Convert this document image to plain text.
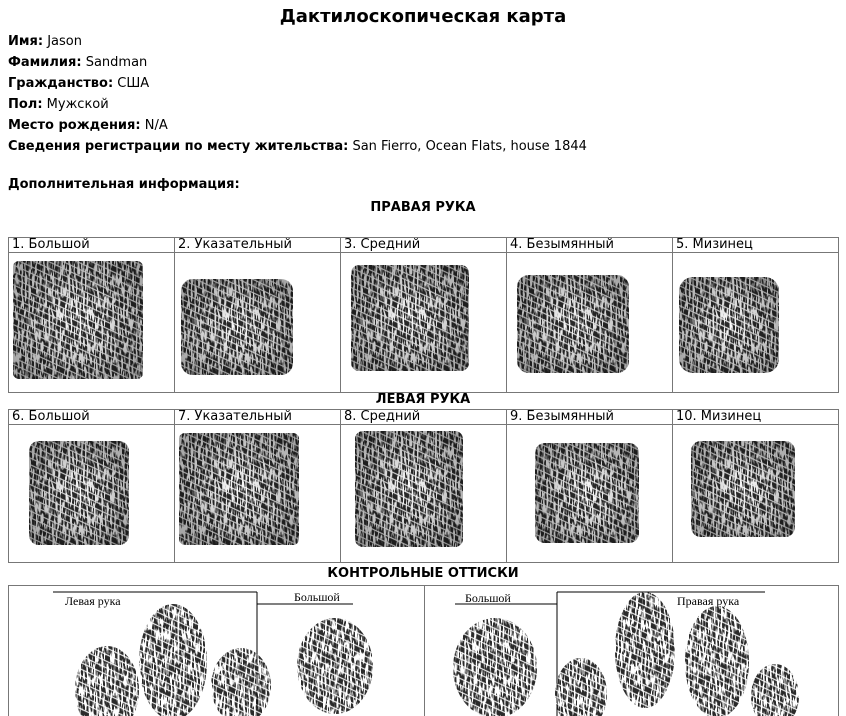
Дактилоскопическая карта
Имя: Jason
Фамилия: Sandman
Гражданство: США
Пол: Мужской
Место рождения: N/A
Сведения регистрации по месту жительства: San Fierro, Ocean Flats, house 1844
Дополнительная информация:
ПРАВАЯ РУКА
1. Большой	2. Указательный	3. Средний	4. Безымянный	5. Мизинец

ЛЕВАЯ РУКА
6. Большой	7. Указательный	8. Средний	9. Безымянный	10. Мизинец

КОНТРОЛЬНЫЕ ОТТИСКИ
Левая рука	Большой	Большой	Правая рука
